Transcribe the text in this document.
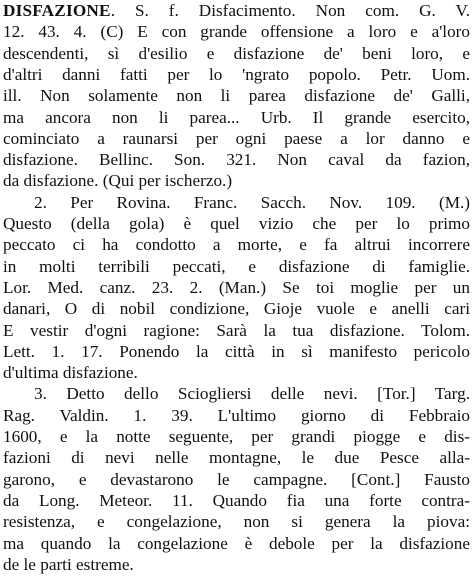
DISFAZIONE. S. f. Disfacimento. Non com. G. V.
12. 43. 4. (C) E con grande offensione a loro e a'loro
descendenti, sì d'esilio e disfazione de' beni loro, e
d'altri danni fatti per lo 'ngrato popolo. Petr. Uom.
ill. Non solamente non li parea disfazione de' Galli,
ma ancora non li parea... Urb. Il grande esercito,
cominciato a raunarsi per ogni paese a lor danno e
disfazione. Bellinc. Son. 321. Non caval da fazion,
da disfazione. (Qui per ischerzo.)
2. Per Rovina. Franc. Sacch. Nov. 109. (M.)
Questo (della gola) è quel vizio che per lo primo
peccato ci ha condotto a morte, e fa altrui incorrere
in molti terribili peccati, e disfazione di famiglie.
Lor. Med. canz. 23. 2. (Man.) Se toi moglie per un
danari, O di nobil condizione, Gioje vuole e anelli cari
E vestir d'ogni ragione: Sarà la tua disfazione. Tolom.
Lett. 1. 17. Ponendo la città in sì manifesto pericolo
d'ultima disfazione.
3. Detto dello Sciogliersi delle nevi. [Tor.] Targ.
Rag. Valdin. 1. 39. L'ultimo giorno di Febbraio
1600, e la notte seguente, per grandi piogge e dis-
fazioni di nevi nelle montagne, le due Pesce alla-
garono, e devastarono le campagne. [Cont.] Fausto
da Long. Meteor. 11. Quando fia una forte contra-
resistenza, e congelazione, non si genera la piova:
ma quando la congelazione è debole per la disfazione
de le parti estreme.
